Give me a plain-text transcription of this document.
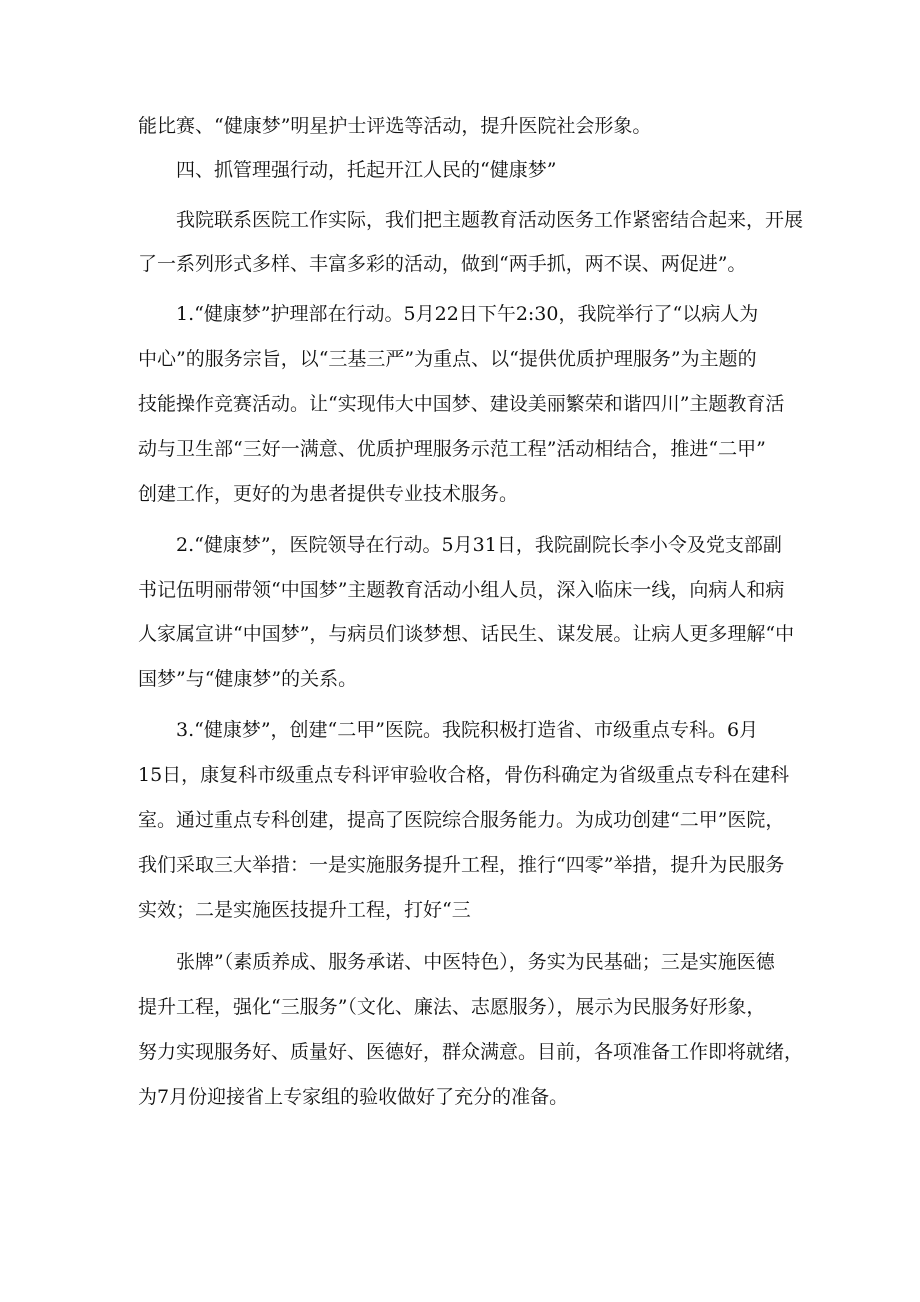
能比赛、“健康梦”明星护士评选等活动，提升医院社会形象。
四、抓管理强行动，托起开江人民的“健康梦”
我院联系医院工作实际，我们把主题教育活动医务工作紧密结合起来，开展
了一系列形式多样、丰富多彩的活动，做到“两手抓，两不误、两促进”。
1.“健康梦”护理部在行动。5月22日下午2:30，我院举行了“以病人为
中心”的服务宗旨，以“三基三严”为重点、以“提供优质护理服务”为主题的
技能操作竞赛活动。让“实现伟大中国梦、建设美丽繁荣和谐四川”主题教育活
动与卫生部“三好一满意、优质护理服务示范工程”活动相结合，推进“二甲”
创建工作，更好的为患者提供专业技术服务。
2.“健康梦”，医院领导在行动。5月31日，我院副院长李小令及党支部副
书记伍明丽带领“中国梦”主题教育活动小组人员，深入临床一线，向病人和病
人家属宣讲“中国梦”，与病员们谈梦想、话民生、谋发展。让病人更多理解“中
国梦”与“健康梦”的关系。
3.“健康梦”，创建“二甲”医院。我院积极打造省、市级重点专科。6月
15日，康复科市级重点专科评审验收合格，骨伤科确定为省级重点专科在建科
室。通过重点专科创建，提高了医院综合服务能力。为成功创建“二甲”医院，
我们采取三大举措：一是实施服务提升工程，推行“四零”举措，提升为民服务
实效；二是实施医技提升工程，打好“三
张牌”（素质养成、服务承诺、中医特色），务实为民基础；三是实施医德
提升工程，强化“三服务”（文化、廉法、志愿服务），展示为民服务好形象，
努力实现服务好、质量好、医德好，群众满意。目前，各项准备工作即将就绪，
为7月份迎接省上专家组的验收做好了充分的准备。
